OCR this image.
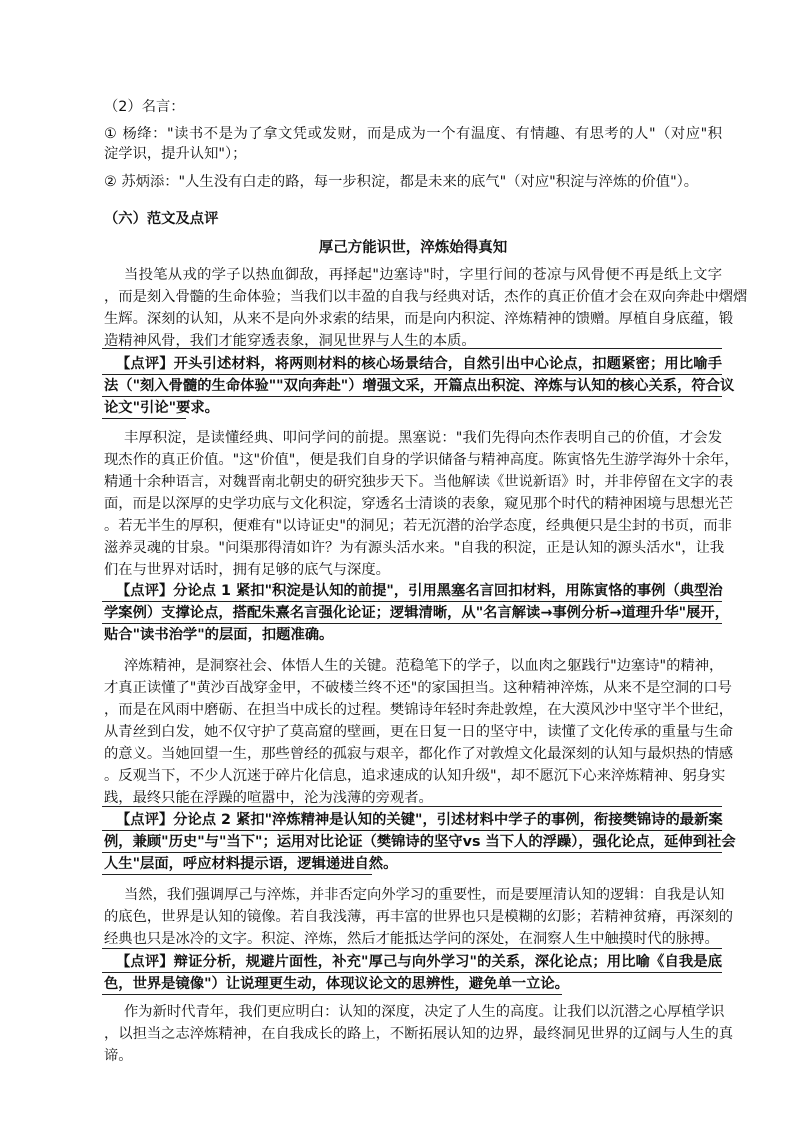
（2）名言：

① 杨绛："读书不是为了拿文凭或发财，而是成为一个有温度、有情趣、有思考的人"（对应"积

淀学识，提升认知"）；

② 苏炳添："人生没有白走的路，每一步积淀，都是未来的底气"（对应"积淀与淬炼的价值"）。

（六）范文及点评

厚己方能识世，淬炼始得真知

当投笔从戎的学子以热血御敌，再择起"边塞诗"时，字里行间的苍凉与风骨便不再是纸上文字

，而是刻入骨髓的生命体验；当我们以丰盈的自我与经典对话，杰作的真正价值才会在双向奔赴中熠熠

生辉。深刻的认知，从来不是向外求索的结果，而是向内积淀、淬炼精神的馈赠。厚植自身底蕴，锻

造精神风骨，我们才能穿透表象，洞见世界与人生的本质。

【点评】开头引述材料，将两则材料的核心场景结合，自然引出中心论点，扣题紧密；用比喻手

法（"刻入骨髓的生命体验""双向奔赴"）增强文采，开篇点出积淀、淬炼与认知的核心关系，符合议

论文"引论"要求。

丰厚积淀，是读懂经典、叩问学问的前提。黑塞说："我们先得向杰作表明自己的价值，才会发

现杰作的真正价值。"这"价值"，便是我们自身的学识储备与精神高度。陈寅恪先生游学海外十余年，

精通十余种语言，对魏晋南北朝史的研究独步天下。当他解读《世说新语》时，并非停留在文字的表

面，而是以深厚的史学功底与文化积淀，穿透名士清谈的表象，窥见那个时代的精神困境与思想光芒

。若无半生的厚积，便难有"以诗证史"的洞见；若无沉潜的治学态度，经典便只是尘封的书页，而非

滋养灵魂的甘泉。"问渠那得清如许？为有源头活水来。"自我的积淀，正是认知的源头活水"，让我

们在与世界对话时，拥有足够的底气与深度。

【点评】分论点 1 紧扣"积淀是认知的前提"，引用黑塞名言回扣材料，用陈寅恪的事例（典型治

学案例）支撑论点，搭配朱熹名言强化论证；逻辑清晰，从"名言解读→事例分析→道理升华"展开，

贴合"读书治学"的层面，扣题准确。

淬炼精神，是洞察社会、体悟人生的关键。范稳笔下的学子，以血肉之躯践行"边塞诗"的精神，

才真正读懂了"黄沙百战穿金甲，不破楼兰终不还"的家国担当。这种精神淬炼，从来不是空洞的口号

，而是在风雨中磨砺、在担当中成长的过程。樊锦诗年轻时奔赴敦煌，在大漠风沙中坚守半个世纪，

从青丝到白发，她不仅守护了莫高窟的壁画，更在日复一日的坚守中，读懂了文化传承的重量与生命

的意义。当她回望一生，那些曾经的孤寂与艰辛，都化作了对敦煌文化最深刻的认知与最炽热的情感

。反观当下，不少人沉迷于碎片化信息，追求速成的认知升级"，却不愿沉下心来淬炼精神、躬身实

践，最终只能在浮躁的喧嚣中，沦为浅薄的旁观者。

【点评】分论点 2 紧扣"淬炼精神是认知的关键"，引述材料中学子的事例，衔接樊锦诗的最新案

例，兼顾"历史"与"当下"；运用对比论证（樊锦诗的坚守vs 当下人的浮躁），强化论点，延伸到社会

人生"层面，呼应材料提示语，逻辑递进自然。

当然，我们强调厚己与淬炼，并非否定向外学习的重要性，而是要厘清认知的逻辑：自我是认知

的底色，世界是认知的镜像。若自我浅薄，再丰富的世界也只是模糊的幻影；若精神贫瘠，再深刻的

经典也只是冰冷的文字。积淀、淬炼，然后才能抵达学问的深处，在洞察人生中触摸时代的脉搏。

【点评】辩证分析，规避片面性，补充"厚己与向外学习"的关系，深化论点；用比喻《自我是底

色，世界是镜像"）让说理更生动，体现议论文的思辨性，避免单一立论。

作为新时代青年，我们更应明白：认知的深度，决定了人生的高度。让我们以沉潜之心厚植学识

，以担当之志淬炼精神，在自我成长的路上，不断拓展认知的边界，最终洞见世界的辽阔与人生的真

谛。
